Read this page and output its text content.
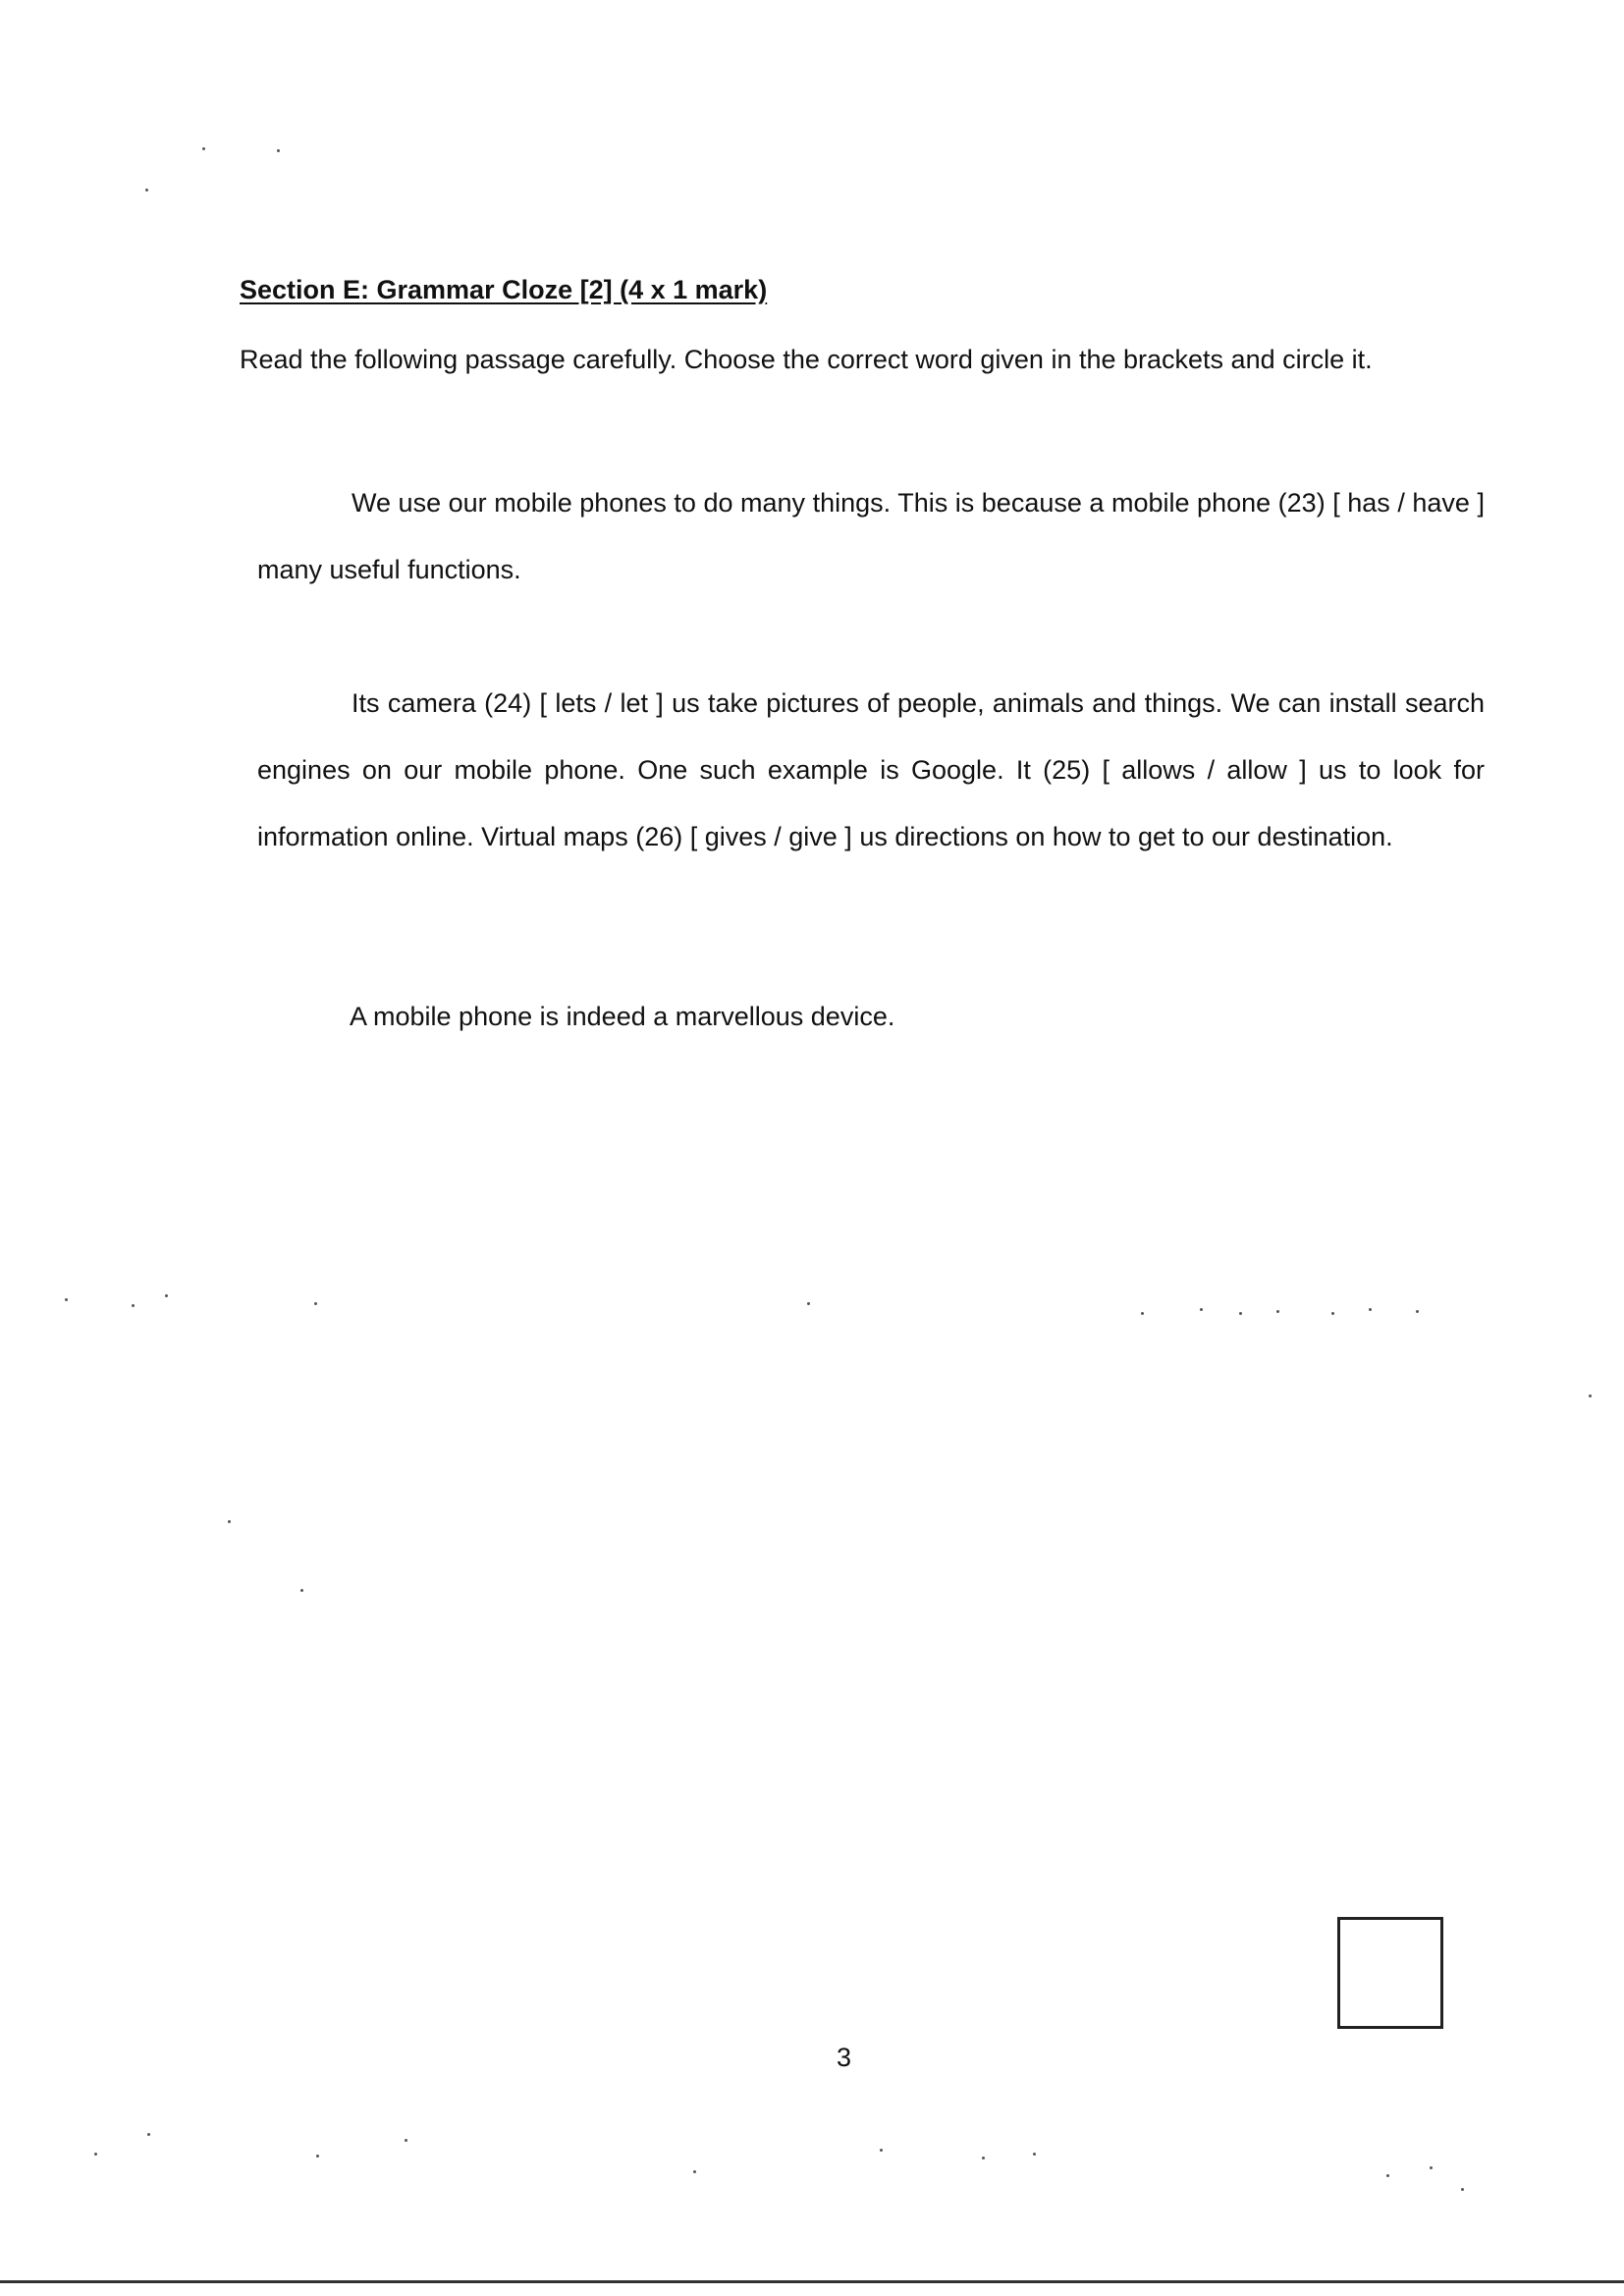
Section E: Grammar Cloze [2] (4 x 1 mark)
Read the following passage carefully. Choose the correct word given in the brackets and circle it.

We use our mobile phones to do many things. This is because a mobile phone (23) [ has / have ] many useful functions.

Its camera (24) [ lets / let ] us take pictures of people, animals and things. We can install search engines on our mobile phone. One such example is Google. It (25) [ allows / allow ] us to look for information online. Virtual maps (26) [ gives / give ] us directions on how to get to our destination.

A mobile phone is indeed a marvellous device.
3
